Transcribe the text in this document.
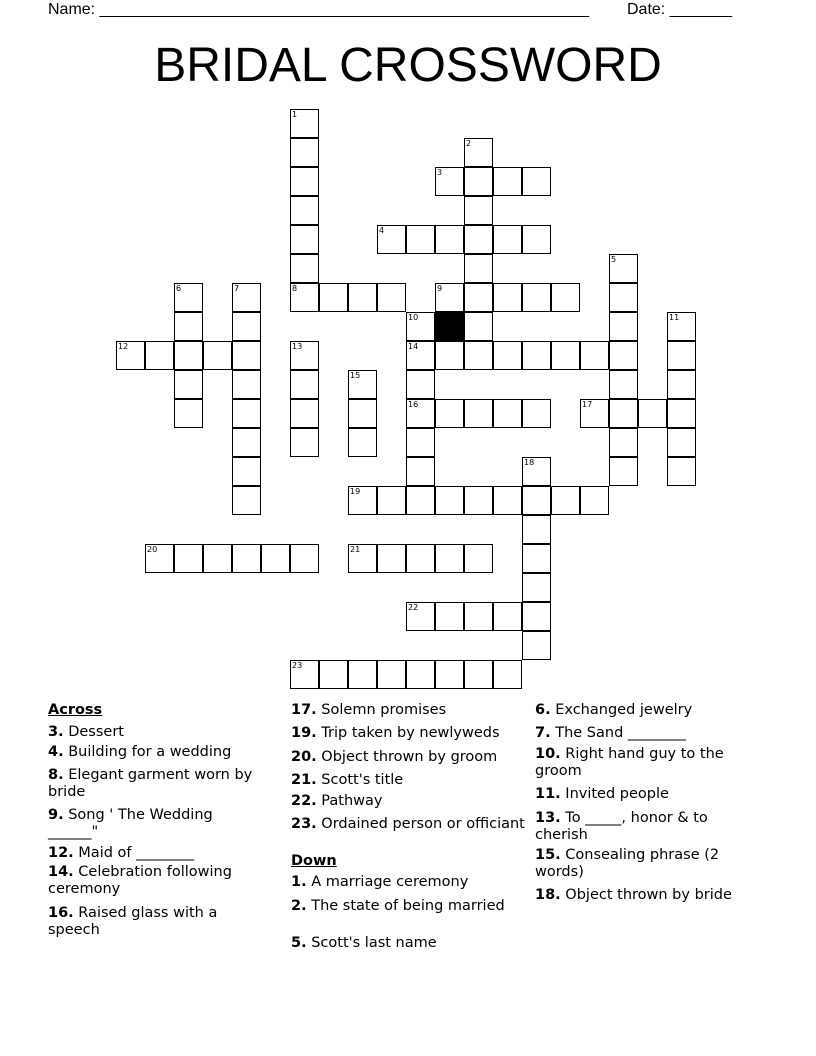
Name: _______________________________________________________ Date: _______
BRIDAL CROSSWORD
1
8
2
3
4
5
6	7	9
10
14
16
11
12	13
15
17
18
19
20	21
22
23
Across
3. Dessert
4. Building for a wedding
8. Elegant garment worn by bride
9. Song ' The Wedding ______"
12. Maid of ________
14. Celebration following ceremony
16. Raised glass with a speech
17. Solemn promises
19. Trip taken by newlyweds
20. Object thrown by groom
21. Scott's title
22. Pathway
23. Ordained person or officiant
Down
1. A marriage ceremony
2. The state of being married
5. Scott's last name
6. Exchanged jewelry
7. The Sand ________
10. Right hand guy to the groom
11. Invited people
13. To _____, honor & to cherish
15. Consealing phrase (2 words)
18. Object thrown by bride
